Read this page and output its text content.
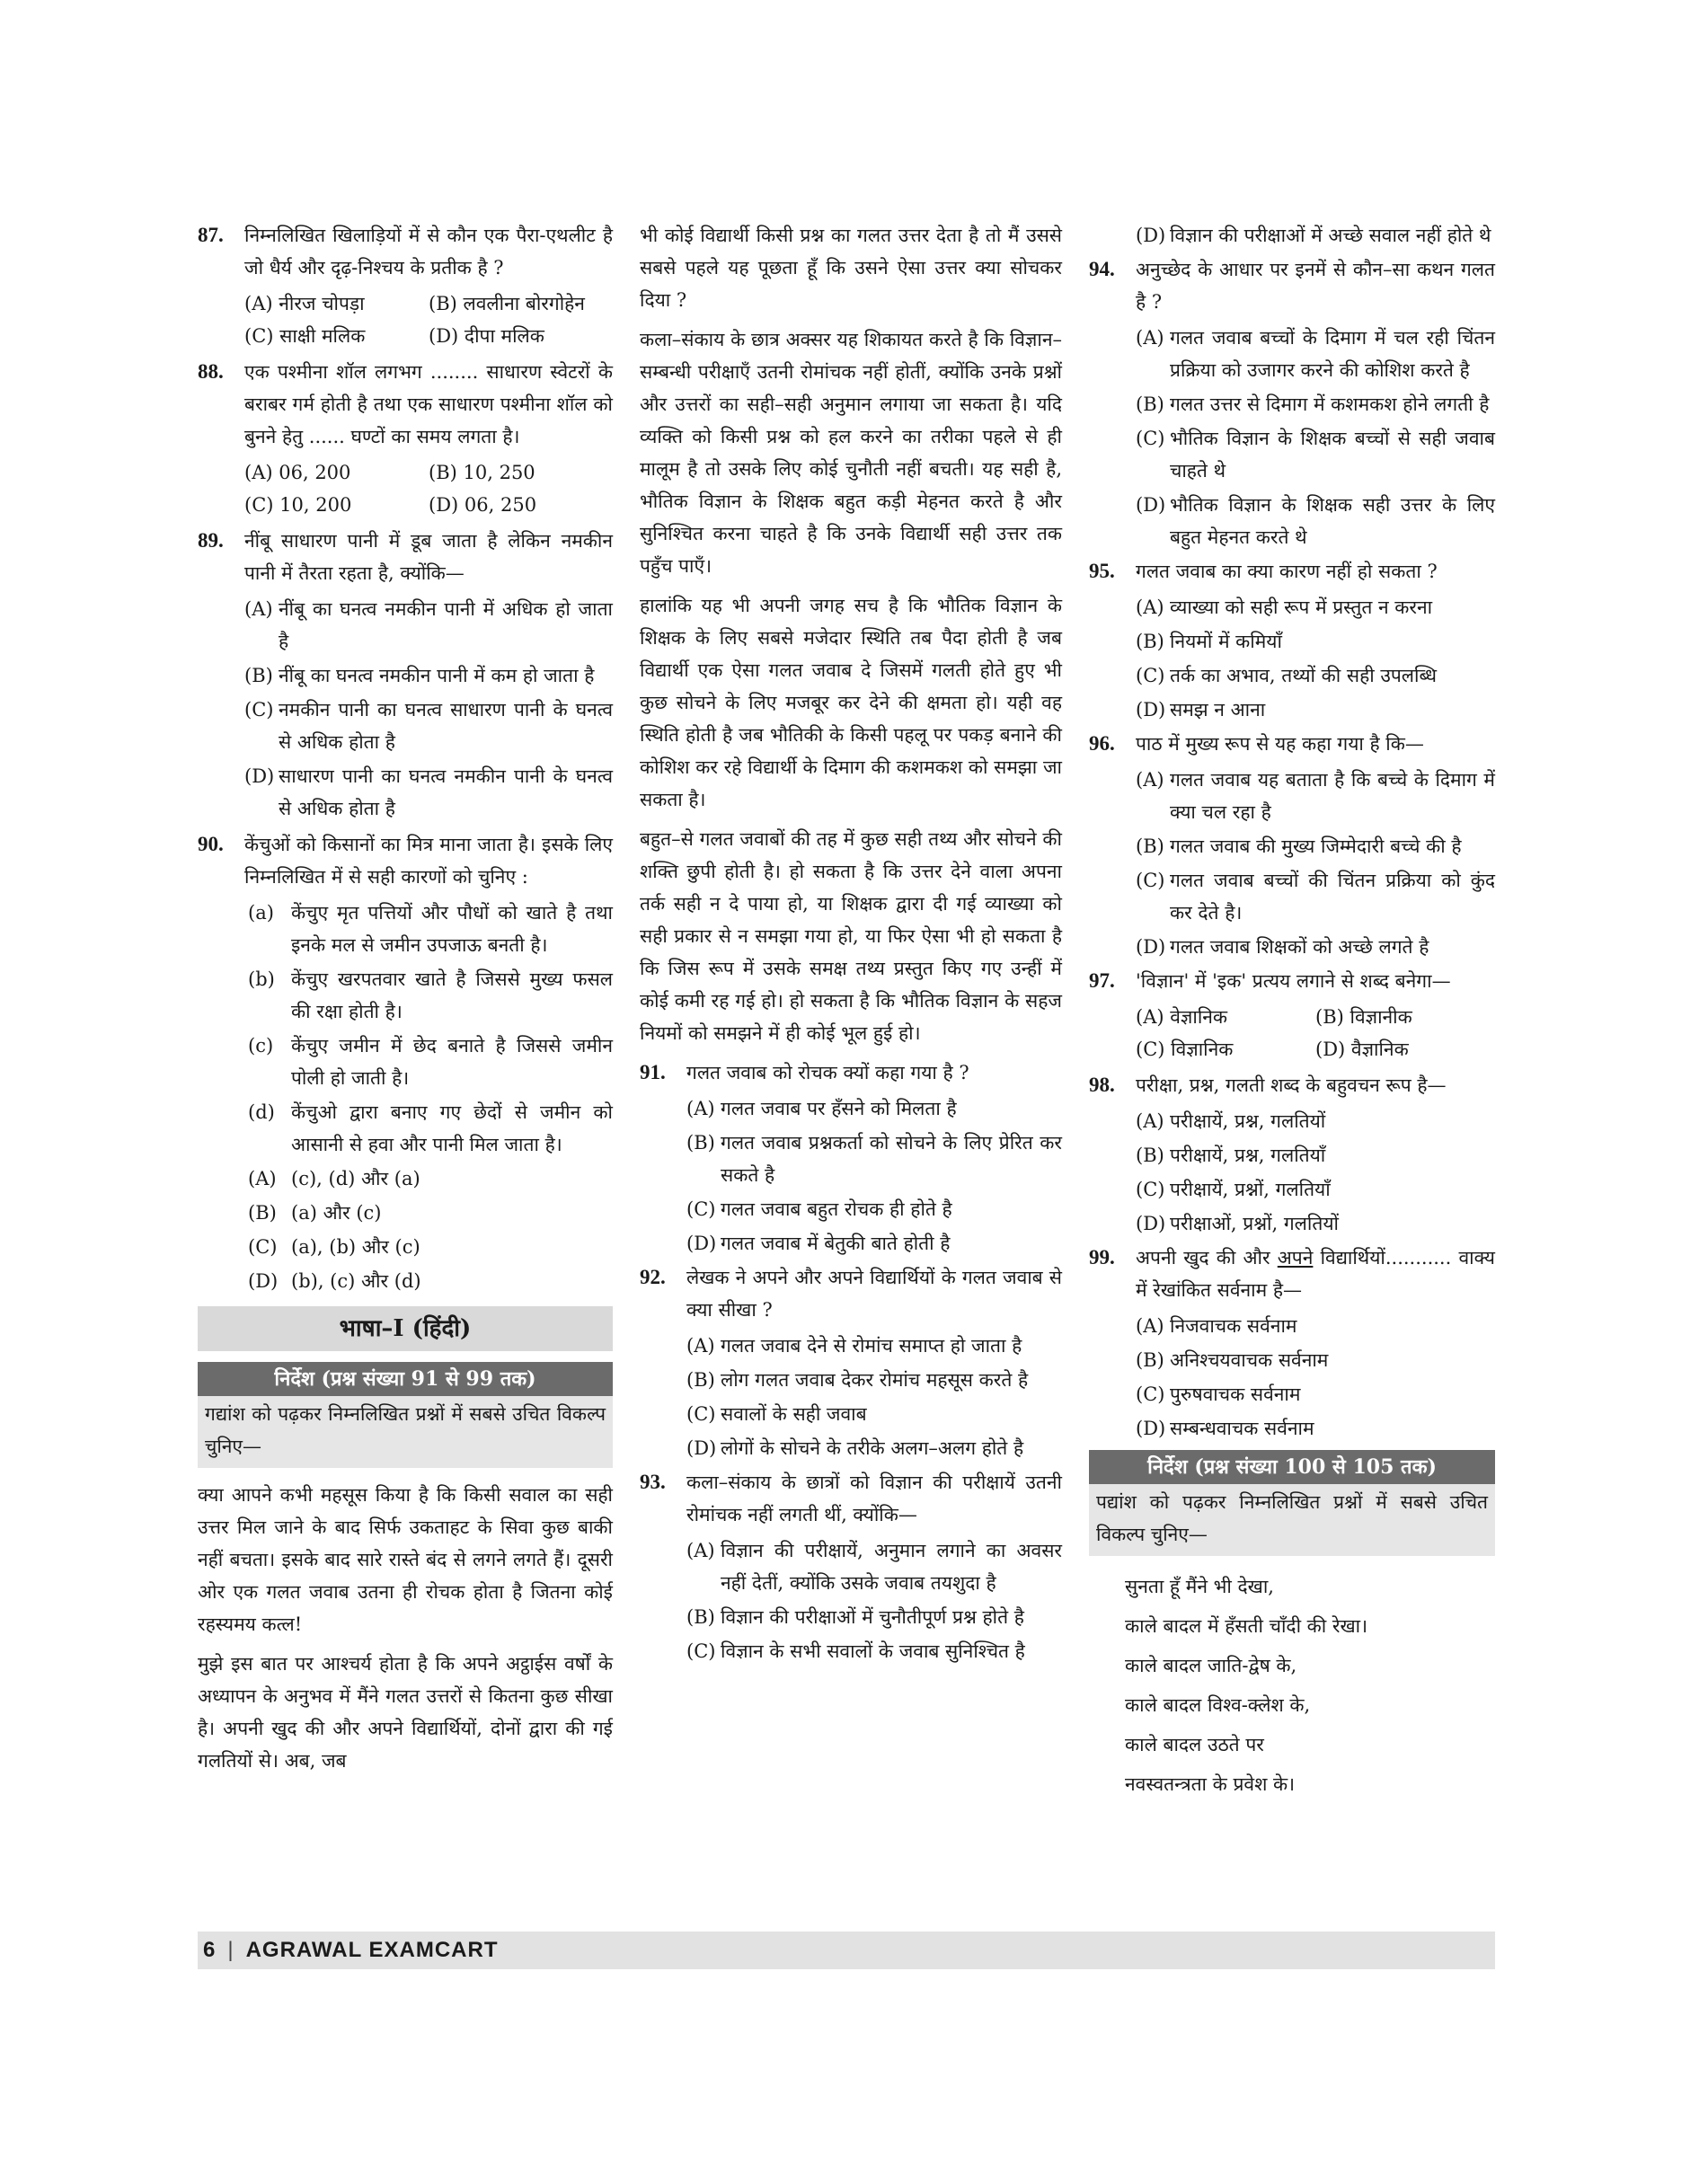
87. निम्नलिखित खिलाड़ियों में से कौन एक पैरा-एथलीट है जो धैर्य और दृढ़-निश्चय के प्रतीक है ?
(A) नीरज चोपड़ा	(B) लवलीना बोरगोहेन
(C) साक्षी मलिक	(D) दीपा मलिक
88. एक पश्मीना शॉल लगभग ........ साधारण स्वेटरों के बराबर गर्म होती है तथा एक साधारण पश्मीना शॉल को बुनने हेतु ...... घण्टों का समय लगता है।
(A) 06, 200	(B) 10, 250
(C) 10, 200	(D) 06, 250
89. नींबू साधारण पानी में डूब जाता है लेकिन नमकीन पानी में तैरता रहता है, क्योंकि—
(A) नींबू का घनत्व नमकीन पानी में अधिक हो जाता है
(B) नींबू का घनत्व नमकीन पानी में कम हो जाता है
(C) नमकीन पानी का घनत्व साधारण पानी के घनत्व से अधिक होता है
(D) साधारण पानी का घनत्व नमकीन पानी के घनत्व से अधिक होता है
90. केंचुओं को किसानों का मित्र माना जाता है। इसके लिए निम्नलिखित में से सही कारणों को चुनिए :
(a) केंचुए मृत पत्तियों और पौधों को खाते है तथा इनके मल से जमीन उपजाऊ बनती है।
(b) केंचुए खरपतवार खाते है जिससे मुख्य फसल की रक्षा होती है।
(c) केंचुए जमीन में छेद बनाते है जिससे जमीन पोली हो जाती है।
(d) केंचुओ द्वारा बनाए गए छेदों से जमीन को आसानी से हवा और पानी मिल जाता है।
(A) (c), (d) और (a)
(B) (a) और (c)
(C) (a), (b) और (c)
(D) (b), (c) और (d)
भाषा–I (हिंदी)
निर्देश (प्रश्न संख्या 91 से 99 तक)
गद्यांश को पढ़कर निम्नलिखित प्रश्नों में सबसे उचित विकल्प चुनिए—
क्या आपने कभी महसूस किया है कि किसी सवाल का सही उत्तर मिल जाने के बाद सिर्फ उकताहट के सिवा कुछ बाकी नहीं बचता। इसके बाद सारे रास्ते बंद से लगने लगते हैं। दूसरी ओर एक गलत जवाब उतना ही रोचक होता है जितना कोई रहस्यमय कत्ल!
मुझे इस बात पर आश्चर्य होता है कि अपने अट्ठाईस वर्षों के अध्यापन के अनुभव में मैंने गलत उत्तरों से कितना कुछ सीखा है। अपनी खुद की और अपने विद्यार्थियों, दोनों द्वारा की गई गलतियों से। अब, जब
भी कोई विद्यार्थी किसी प्रश्न का गलत उत्तर देता है तो मैं उससे सबसे पहले यह पूछता हूँ कि उसने ऐसा उत्तर क्या सोचकर दिया ?
कला–संकाय के छात्र अक्सर यह शिकायत करते है कि विज्ञान–सम्बन्धी परीक्षाएँ उतनी रोमांचक नहीं होतीं, क्योंकि उनके प्रश्नों और उत्तरों का सही–सही अनुमान लगाया जा सकता है। यदि व्यक्ति को किसी प्रश्न को हल करने का तरीका पहले से ही मालूम है तो उसके लिए कोई चुनौती नहीं बचती। यह सही है, भौतिक विज्ञान के शिक्षक बहुत कड़ी मेहनत करते है और सुनिश्चित करना चाहते है कि उनके विद्यार्थी सही उत्तर तक पहुँच पाएँ।
हालांकि यह भी अपनी जगह सच है कि भौतिक विज्ञान के शिक्षक के लिए सबसे मजेदार स्थिति तब पैदा होती है जब विद्यार्थी एक ऐसा गलत जवाब दे जिसमें गलती होते हुए भी कुछ सोचने के लिए मजबूर कर देने की क्षमता हो। यही वह स्थिति होती है जब भौतिकी के किसी पहलू पर पकड़ बनाने की कोशिश कर रहे विद्यार्थी के दिमाग की कशमकश को समझा जा सकता है।
बहुत–से गलत जवाबों की तह में कुछ सही तथ्य और सोचने की शक्ति छुपी होती है। हो सकता है कि उत्तर देने वाला अपना तर्क सही न दे पाया हो, या शिक्षक द्वारा दी गई व्याख्या को सही प्रकार से न समझा गया हो, या फिर ऐसा भी हो सकता है कि जिस रूप में उसके समक्ष तथ्य प्रस्तुत किए गए उन्हीं में कोई कमी रह गई हो। हो सकता है कि भौतिक विज्ञान के सहज नियमों को समझने में ही कोई भूल हुई हो।
91. गलत जवाब को रोचक क्यों कहा गया है ?
(A) गलत जवाब पर हँसने को मिलता है
(B) गलत जवाब प्रश्नकर्ता को सोचने के लिए प्रेरित कर सकते है
(C) गलत जवाब बहुत रोचक ही होते है
(D) गलत जवाब में बेतुकी बाते होती है
92. लेखक ने अपने और अपने विद्यार्थियों के गलत जवाब से क्या सीखा ?
(A) गलत जवाब देने से रोमांच समाप्त हो जाता है
(B) लोग गलत जवाब देकर रोमांच महसूस करते है
(C) सवालों के सही जवाब
(D) लोगों के सोचने के तरीके अलग–अलग होते है
93. कला–संकाय के छात्रों को विज्ञान की परीक्षायें उतनी रोमांचक नहीं लगती थीं, क्योंकि—
(A) विज्ञान की परीक्षायें, अनुमान लगाने का अवसर नहीं देतीं, क्योंकि उसके जवाब तयशुदा है
(B) विज्ञान की परीक्षाओं में चुनौतीपूर्ण प्रश्न होते है
(C) विज्ञान के सभी सवालों के जवाब सुनिश्चित है
(D) विज्ञान की परीक्षाओं में अच्छे सवाल नहीं होते थे
94. अनुच्छेद के आधार पर इनमें से कौन–सा कथन गलत है ?
(A) गलत जवाब बच्चों के दिमाग में चल रही चिंतन प्रक्रिया को उजागर करने की कोशिश करते है
(B) गलत उत्तर से दिमाग में कशमकश होने लगती है
(C) भौतिक विज्ञान के शिक्षक बच्चों से सही जवाब चाहते थे
(D) भौतिक विज्ञान के शिक्षक सही उत्तर के लिए बहुत मेहनत करते थे
95. गलत जवाब का क्या कारण नहीं हो सकता ?
(A) व्याख्या को सही रूप में प्रस्तुत न करना
(B) नियमों में कमियाँ
(C) तर्क का अभाव, तथ्यों की सही उपलब्धि
(D) समझ न आना
96. पाठ में मुख्य रूप से यह कहा गया है कि—
(A) गलत जवाब यह बताता है कि बच्चे के दिमाग में क्या चल रहा है
(B) गलत जवाब की मुख्य जिम्मेदारी बच्चे की है
(C) गलत जवाब बच्चों की चिंतन प्रक्रिया को कुंद कर देते है।
(D) गलत जवाब शिक्षकों को अच्छे लगते है
97. 'विज्ञान' में 'इक' प्रत्यय लगाने से शब्द बनेगा—
(A) वेज्ञानिक	(B) विज्ञानीक
(C) विज्ञानिक	(D) वैज्ञानिक
98. परीक्षा, प्रश्न, गलती शब्द के बहुवचन रूप है—
(A) परीक्षायें, प्रश्न, गलतियों
(B) परीक्षायें, प्रश्न, गलतियाँ
(C) परीक्षायें, प्रश्नों, गलतियाँ
(D) परीक्षाओं, प्रश्नों, गलतियों
99. अपनी खुद की और अपने विद्यार्थियों........... वाक्य में रेखांकित सर्वनाम है—
(A) निजवाचक सर्वनाम
(B) अनिश्चयवाचक सर्वनाम
(C) पुरुषवाचक सर्वनाम
(D) सम्बन्धवाचक सर्वनाम
निर्देश (प्रश्न संख्या 100 से 105 तक)
पद्यांश को पढ़कर निम्नलिखित प्रश्नों में सबसे उचित विकल्प चुनिए—
सुनता हूँ मैंने भी देखा,
काले बादल में हँसती चाँदी की रेखा।
काले बादल जाति-द्वेष के,
काले बादल विश्व-क्लेश के,
काले बादल उठते पर
नवस्वतन्त्रता के प्रवेश के।
6 | AGRAWAL EXAMCART
